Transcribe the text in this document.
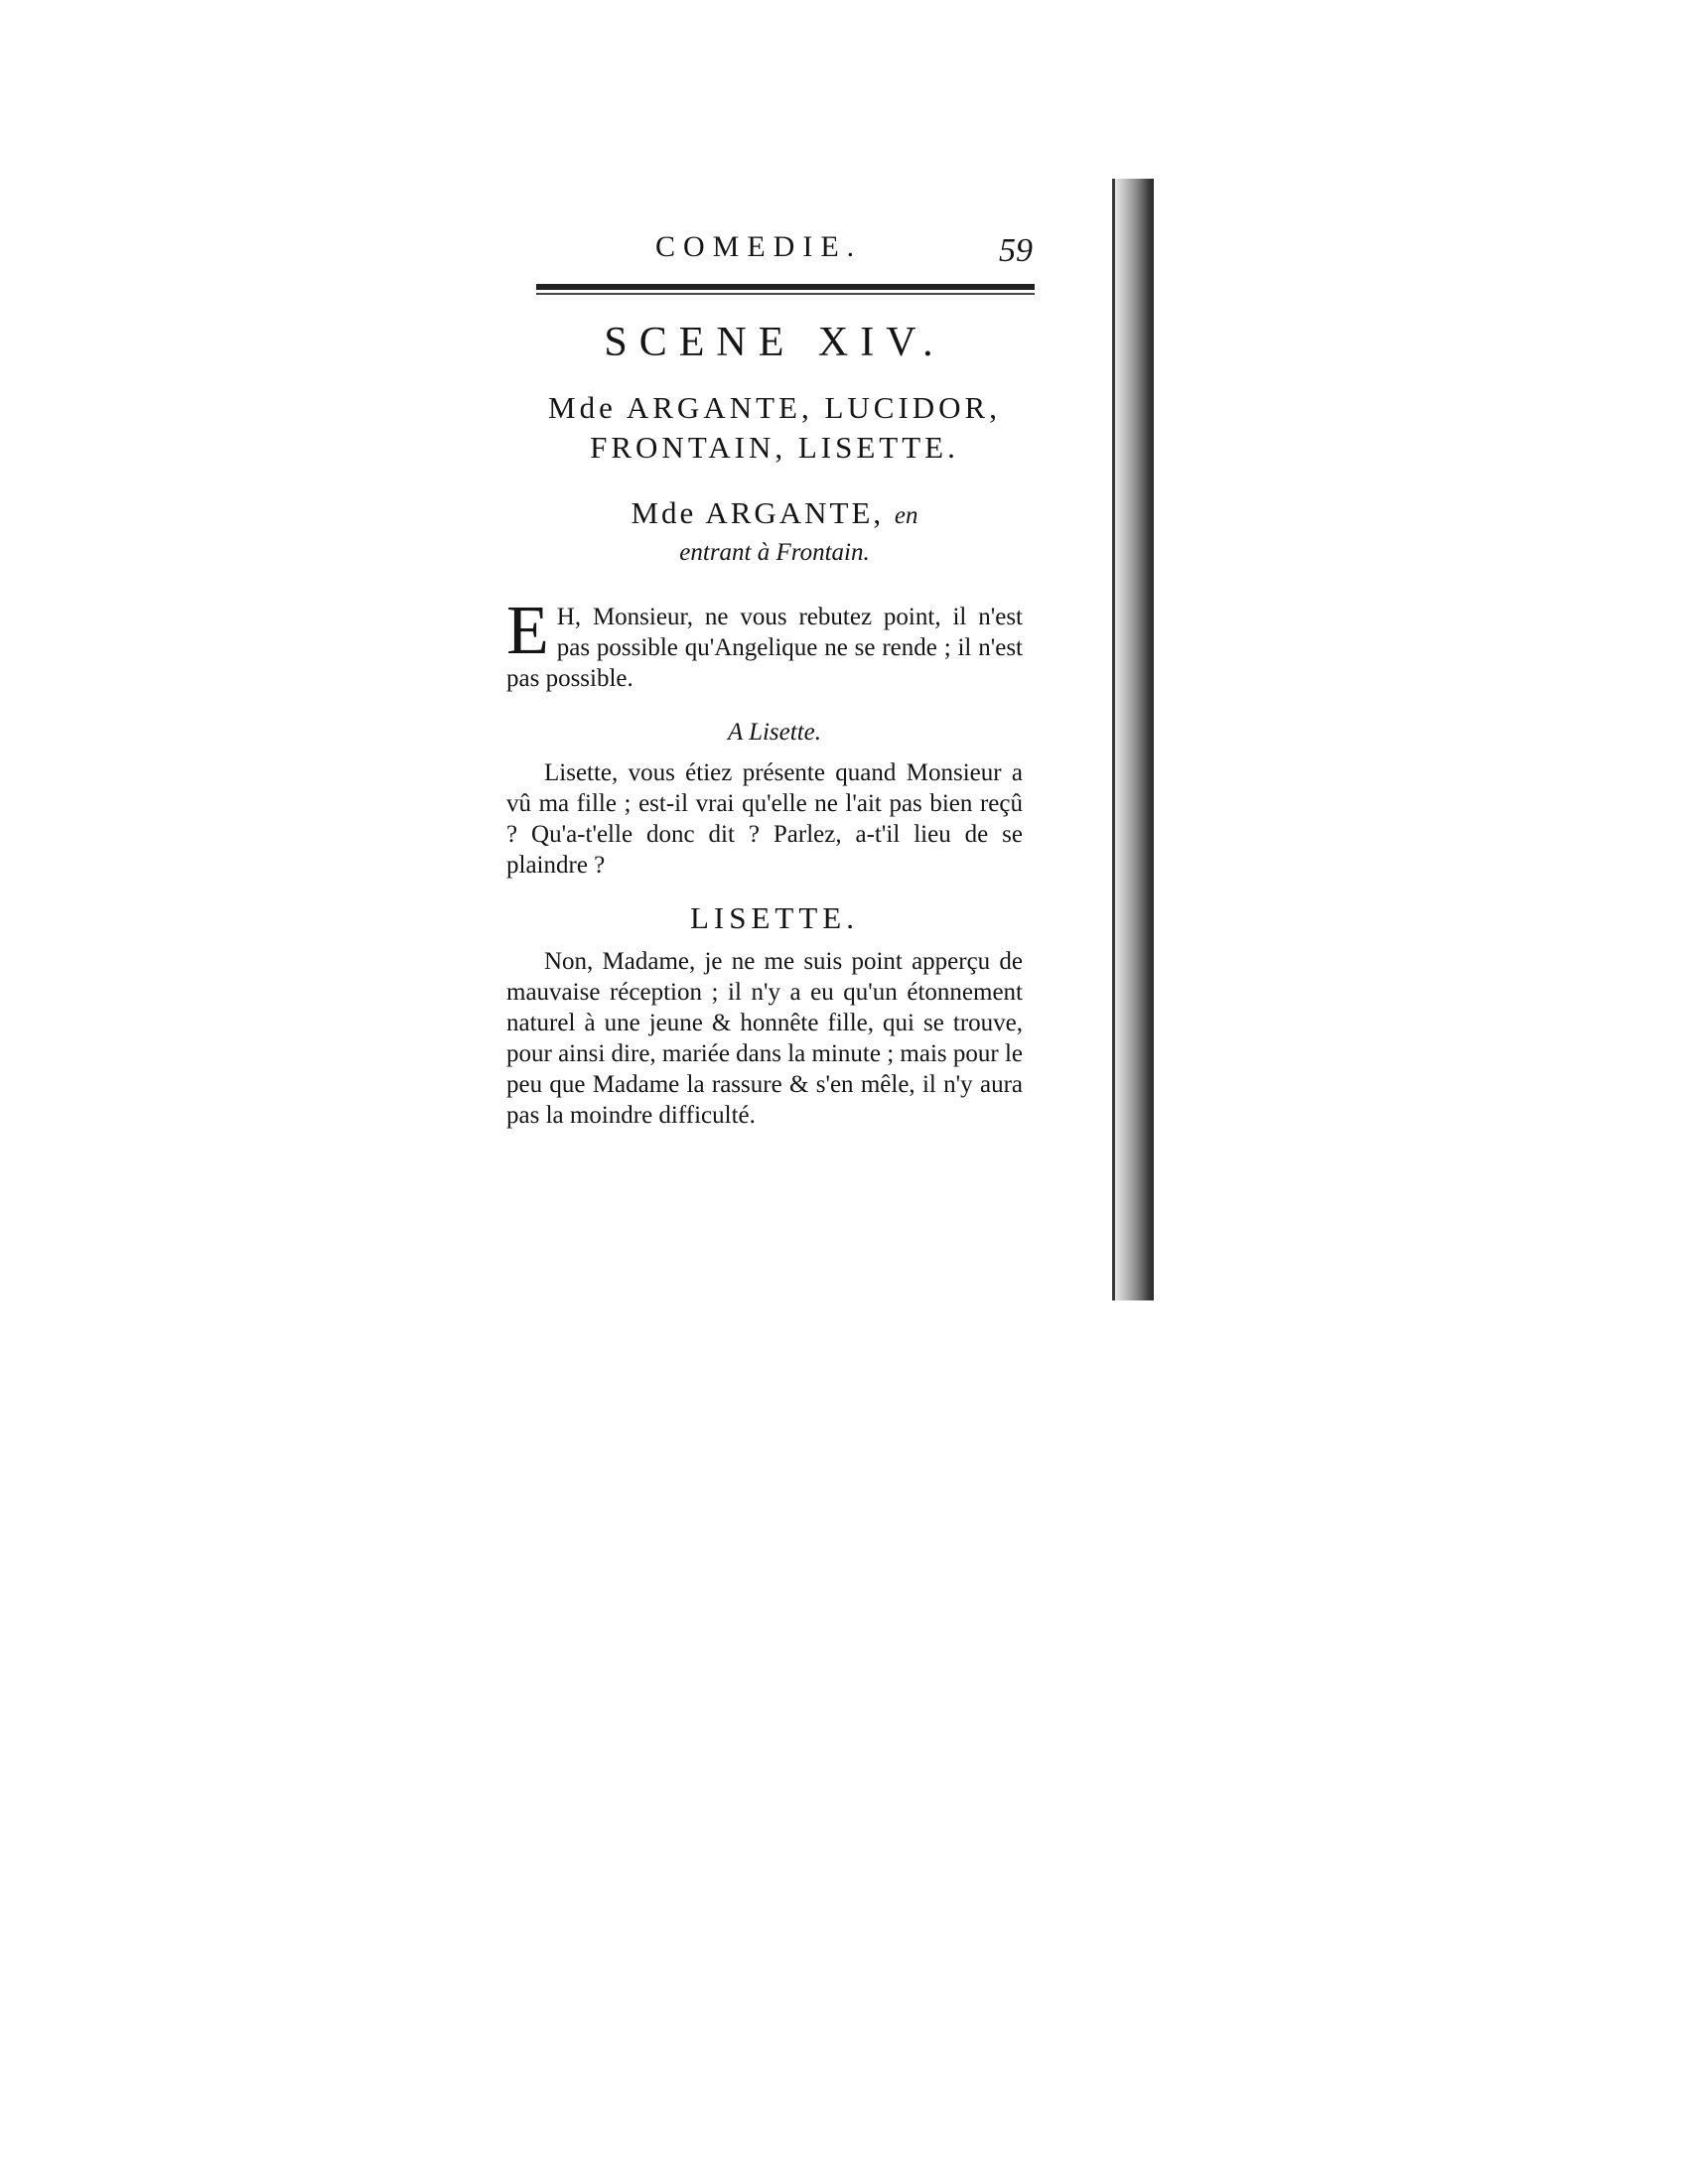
COMEDIE.	59
SCENE XIV.
Mde ARGANTE, LUCIDOR,
FRONTAIN, LISETTE.
Mde ARGANTE, en
entrant à Frontain.

E H, Monsieur, ne vous rebutez point, il n'est pas possible qu'Angelique ne se rende ; il n'est pas possible.

A Lisette.

Lisette, vous étiez présente quand Monsieur a vû ma fille ; est-il vrai qu'elle ne l'ait pas bien reçû ? Qu'a-t'elle donc dit ? Parlez, a-t'il lieu de se plaindre ?

LISETTE.

Non, Madame, je ne me suis point apperçu de mauvaise réception ; il n'y a eu qu'un étonnement naturel à une jeune & honnête fille, qui se trouve, pour ainsi dire, mariée dans la minute ; mais pour le peu que Madame la rassure & s'en mêle, il n'y aura pas la moindre difficulté.
